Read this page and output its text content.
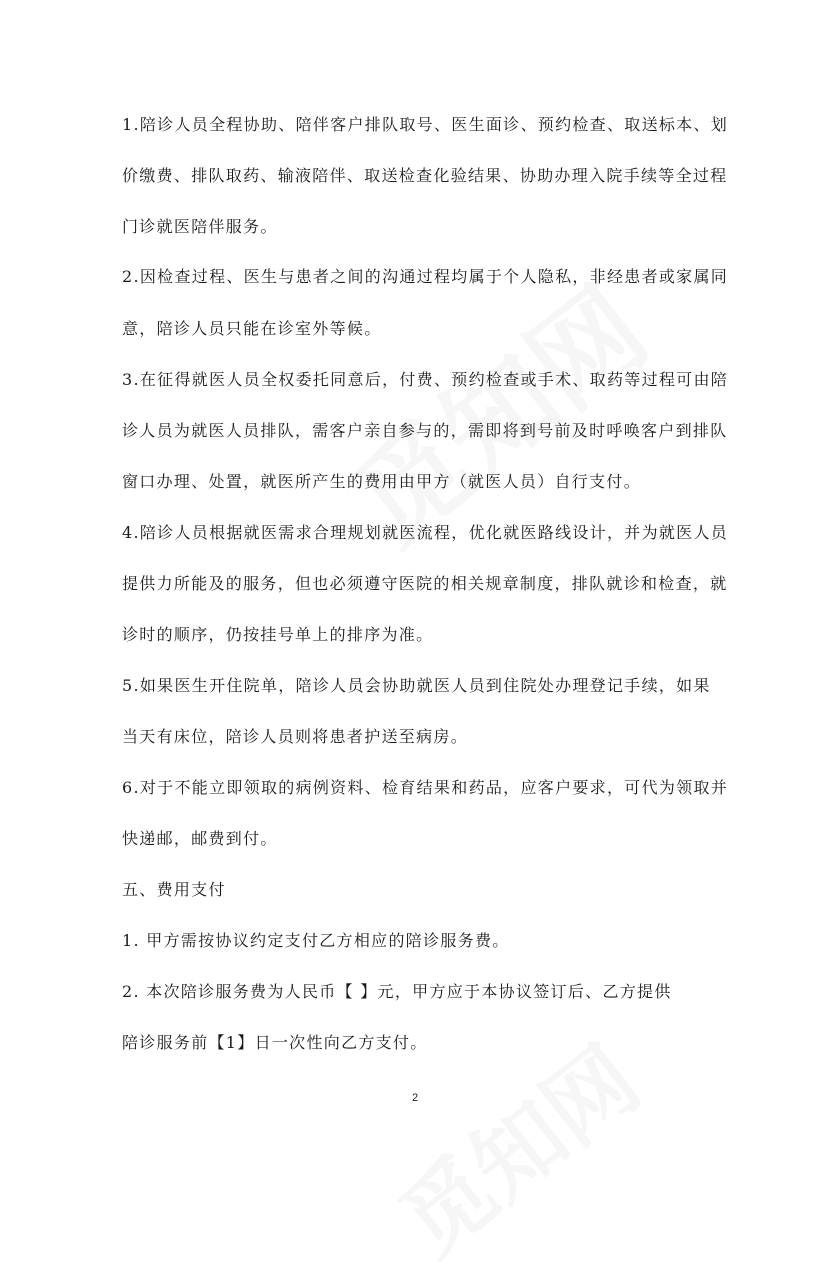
1.陪诊人员全程协助、陪伴客户排队取号、医生面诊、预约检查、取送标本、划
价缴费、排队取药、输液陪伴、取送检查化验结果、协助办理入院手续等全过程
门诊就医陪伴服务。
2.因检查过程、医生与患者之间的沟通过程均属于个人隐私，非经患者或家属同
意，陪诊人员只能在诊室外等候。
3.在征得就医人员全权委托同意后，付费、预约检查或手术、取药等过程可由陪
诊人员为就医人员排队，需客户亲自参与的，需即将到号前及时呼唤客户到排队
窗口办理、处置，就医所产生的费用由甲方（就医人员）自行支付。
4.陪诊人员根据就医需求合理规划就医流程，优化就医路线设计，并为就医人员
提供力所能及的服务，但也必须遵守医院的相关规章制度，排队就诊和检查，就
诊时的顺序，仍按挂号单上的排序为准。
5.如果医生开住院单，陪诊人员会协助就医人员到住院处办理登记手续，如果
当天有床位，陪诊人员则将患者护送至病房。
6.对于不能立即领取的病例资料、检育结果和药品，应客户要求，可代为领取并
快递邮，邮费到付。
五、费用支付
1. 甲方需按协议约定支付乙方相应的陪诊服务费。
2. 本次陪诊服务费为人民币【 】元，甲方应于本协议签订后、乙方提供
陪诊服务前【1】日一次性向乙方支付。
2
